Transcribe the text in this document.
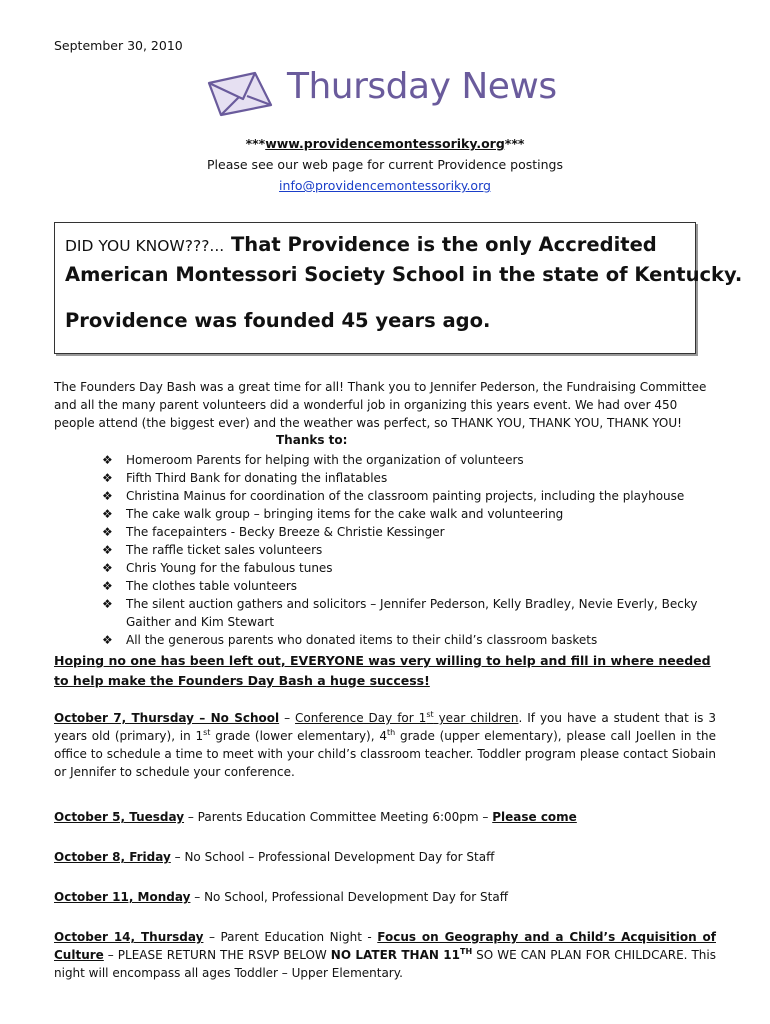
September 30, 2010
Thursday News
***www.providencemontessoriky.org***
Please see our web page for current Providence postings
info@providencemontessoriky.org
DID YOU KNOW???... That Providence is the only Accredited
American Montessori Society School in the state of Kentucky.
Providence was founded 45 years ago.

The Founders Day Bash was a great time for all! Thank you to Jennifer Pederson, the Fundraising Committee and all the many parent volunteers did a wonderful job in organizing this years event. We had over 450 people attend (the biggest ever) and the weather was perfect, so THANK YOU, THANK YOU, THANK YOU!

Thanks to:
❖ Homeroom Parents for helping with the organization of volunteers
❖ Fifth Third Bank for donating the inflatables
❖ Christina Mainus for coordination of the classroom painting projects, including the playhouse
❖ The cake walk group – bringing items for the cake walk and volunteering
❖ The facepainters - Becky Breeze & Christie Kessinger
❖ The raffle ticket sales volunteers
❖ Chris Young for the fabulous tunes
❖ The clothes table volunteers
❖ The silent auction gathers and solicitors – Jennifer Pederson, Kelly Bradley, Nevie Everly, Becky Gaither and Kim Stewart
❖ All the generous parents who donated items to their child’s classroom baskets

Hoping no one has been left out, EVERYONE was very willing to help and fill in where needed to help make the Founders Day Bash a huge success!

October 7, Thursday – No School – Conference Day for 1st year children. If you have a student that is 3 years old (primary), in 1st grade (lower elementary), 4th grade (upper elementary), please call Joellen in the office to schedule a time to meet with your child’s classroom teacher. Toddler program please contact Siobain or Jennifer to schedule your conference.

October 5, Tuesday – Parents Education Committee Meeting 6:00pm – Please come

October 8, Friday – No School – Professional Development Day for Staff

October 11, Monday – No School, Professional Development Day for Staff

October 14, Thursday – Parent Education Night - Focus on Geography and a Child’s Acquisition of Culture – PLEASE RETURN THE RSVP BELOW NO LATER THAN 11TH SO WE CAN PLAN FOR CHILDCARE. This night will encompass all ages Toddler – Upper Elementary.
